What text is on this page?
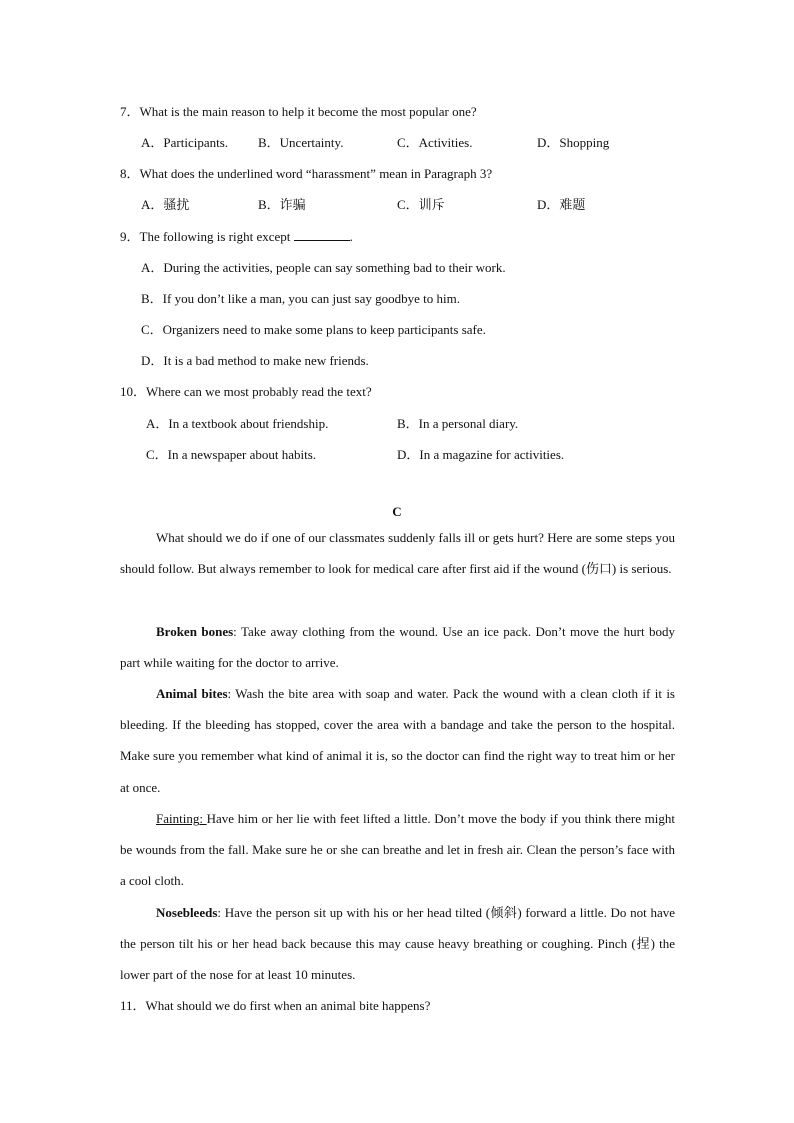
7．What is the main reason to help it become the most popular one?
A．Participants. B．Uncertainty.	C．Activities.	D．Shopping
8．What does the underlined word “harassment” mean in Paragraph 3?
A．骚扰	B．诈骗	C．训斥	D．难题
9．The following is right except	.
A．During the activities, people can say something bad to their work.
B．If you don’t like a man, you can just say goodbye to him.
C．Organizers need to make some plans to keep participants safe.
D．It is a bad method to make new friends.
10．Where can we most probably read the text?
A．In a textbook about friendship.	B．In a personal diary.
C．In a newspaper about habits.	D．In a magazine for activities.
C
What should we do if one of our classmates suddenly falls ill or gets hurt? Here are some steps you should follow. But always remember to look for medical care after first aid if the wound (伤口) is serious.
Broken bones: Take away clothing from the wound. Use an ice pack. Don’t move the hurt body part while waiting for the doctor to arrive.
Animal bites: Wash the bite area with soap and water. Pack the wound with a clean cloth if it is bleeding. If the bleeding has stopped, cover the area with a bandage and take the person to the hospital. Make sure you remember what kind of animal it is, so the doctor can find the right way to treat him or her at once.
Fainting: Have him or her lie with feet lifted a little. Don’t move the body if you think there might be wounds from the fall. Make sure he or she can breathe and let in fresh air. Clean the person’s face with a cool cloth.
Nosebleeds: Have the person sit up with his or her head tilted (倾斜) forward a little. Do not have the person tilt his or her head back because this may cause heavy breathing or coughing. Pinch (捏) the lower part of the nose for at least 10 minutes.
11．What should we do first when an animal bite happens?
